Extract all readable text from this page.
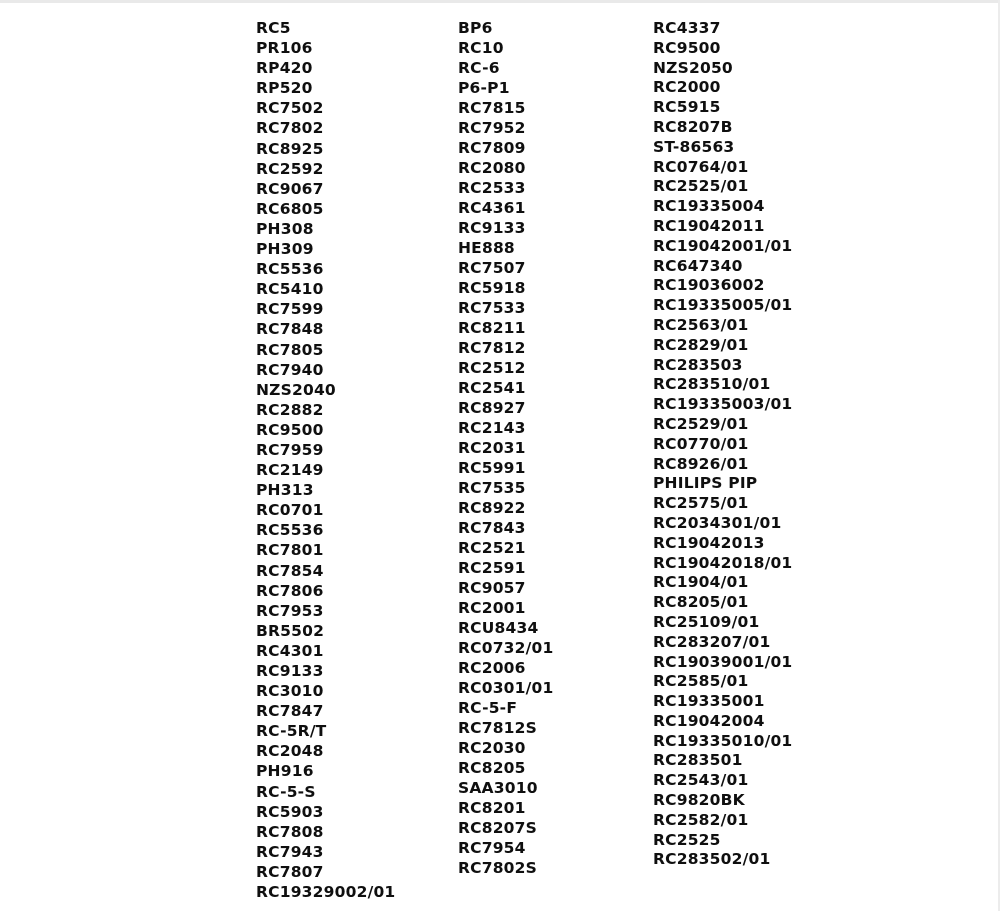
RC5
PR106
RP420
RP520
RC7502
RC7802
RC8925
RC2592
RC9067
RC6805
PH308
PH309
RC5536
RC5410
RC7599
RC7848
RC7805
RC7940
NZS2040
RC2882
RC9500
RC7959
RC2149
PH313
RC0701
RC5536
RC7801
RC7854
RC7806
RC7953
BR5502
RC4301
RC9133
RC3010
RC7847
RC-5R/T
RC2048
PH916
RC-5-S
RC5903
RC7808
RC7943
RC7807
RC19329002/01
BP6
RC10
RC-6
P6-P1
RC7815
RC7952
RC7809
RC2080
RC2533
RC4361
RC9133
HE888
RC7507
RC5918
RC7533
RC8211
RC7812
RC2512
RC2541
RC8927
RC2143
RC2031
RC5991
RC7535
RC8922
RC7843
RC2521
RC2591
RC9057
RC2001
RCU8434
RC0732/01
RC2006
RC0301/01
RC-5-F
RC7812S
RC2030
RC8205
SAA3010
RC8201
RC8207S
RC7954
RC7802S
RC4337
RC9500
NZS2050
RC2000
RC5915
RC8207B
ST-86563
RC0764/01
RC2525/01
RC19335004
RC19042011
RC19042001/01
RC647340
RC19036002
RC19335005/01
RC2563/01
RC2829/01
RC283503
RC283510/01
RC19335003/01
RC2529/01
RC0770/01
RC8926/01
PHILIPS PIP
RC2575/01
RC2034301/01
RC19042013
RC19042018/01
RC1904/01
RC8205/01
RC25109/01
RC283207/01
RC19039001/01
RC2585/01
RC19335001
RC19042004
RC19335010/01
RC283501
RC2543/01
RC9820BK
RC2582/01
RC2525
RC283502/01
